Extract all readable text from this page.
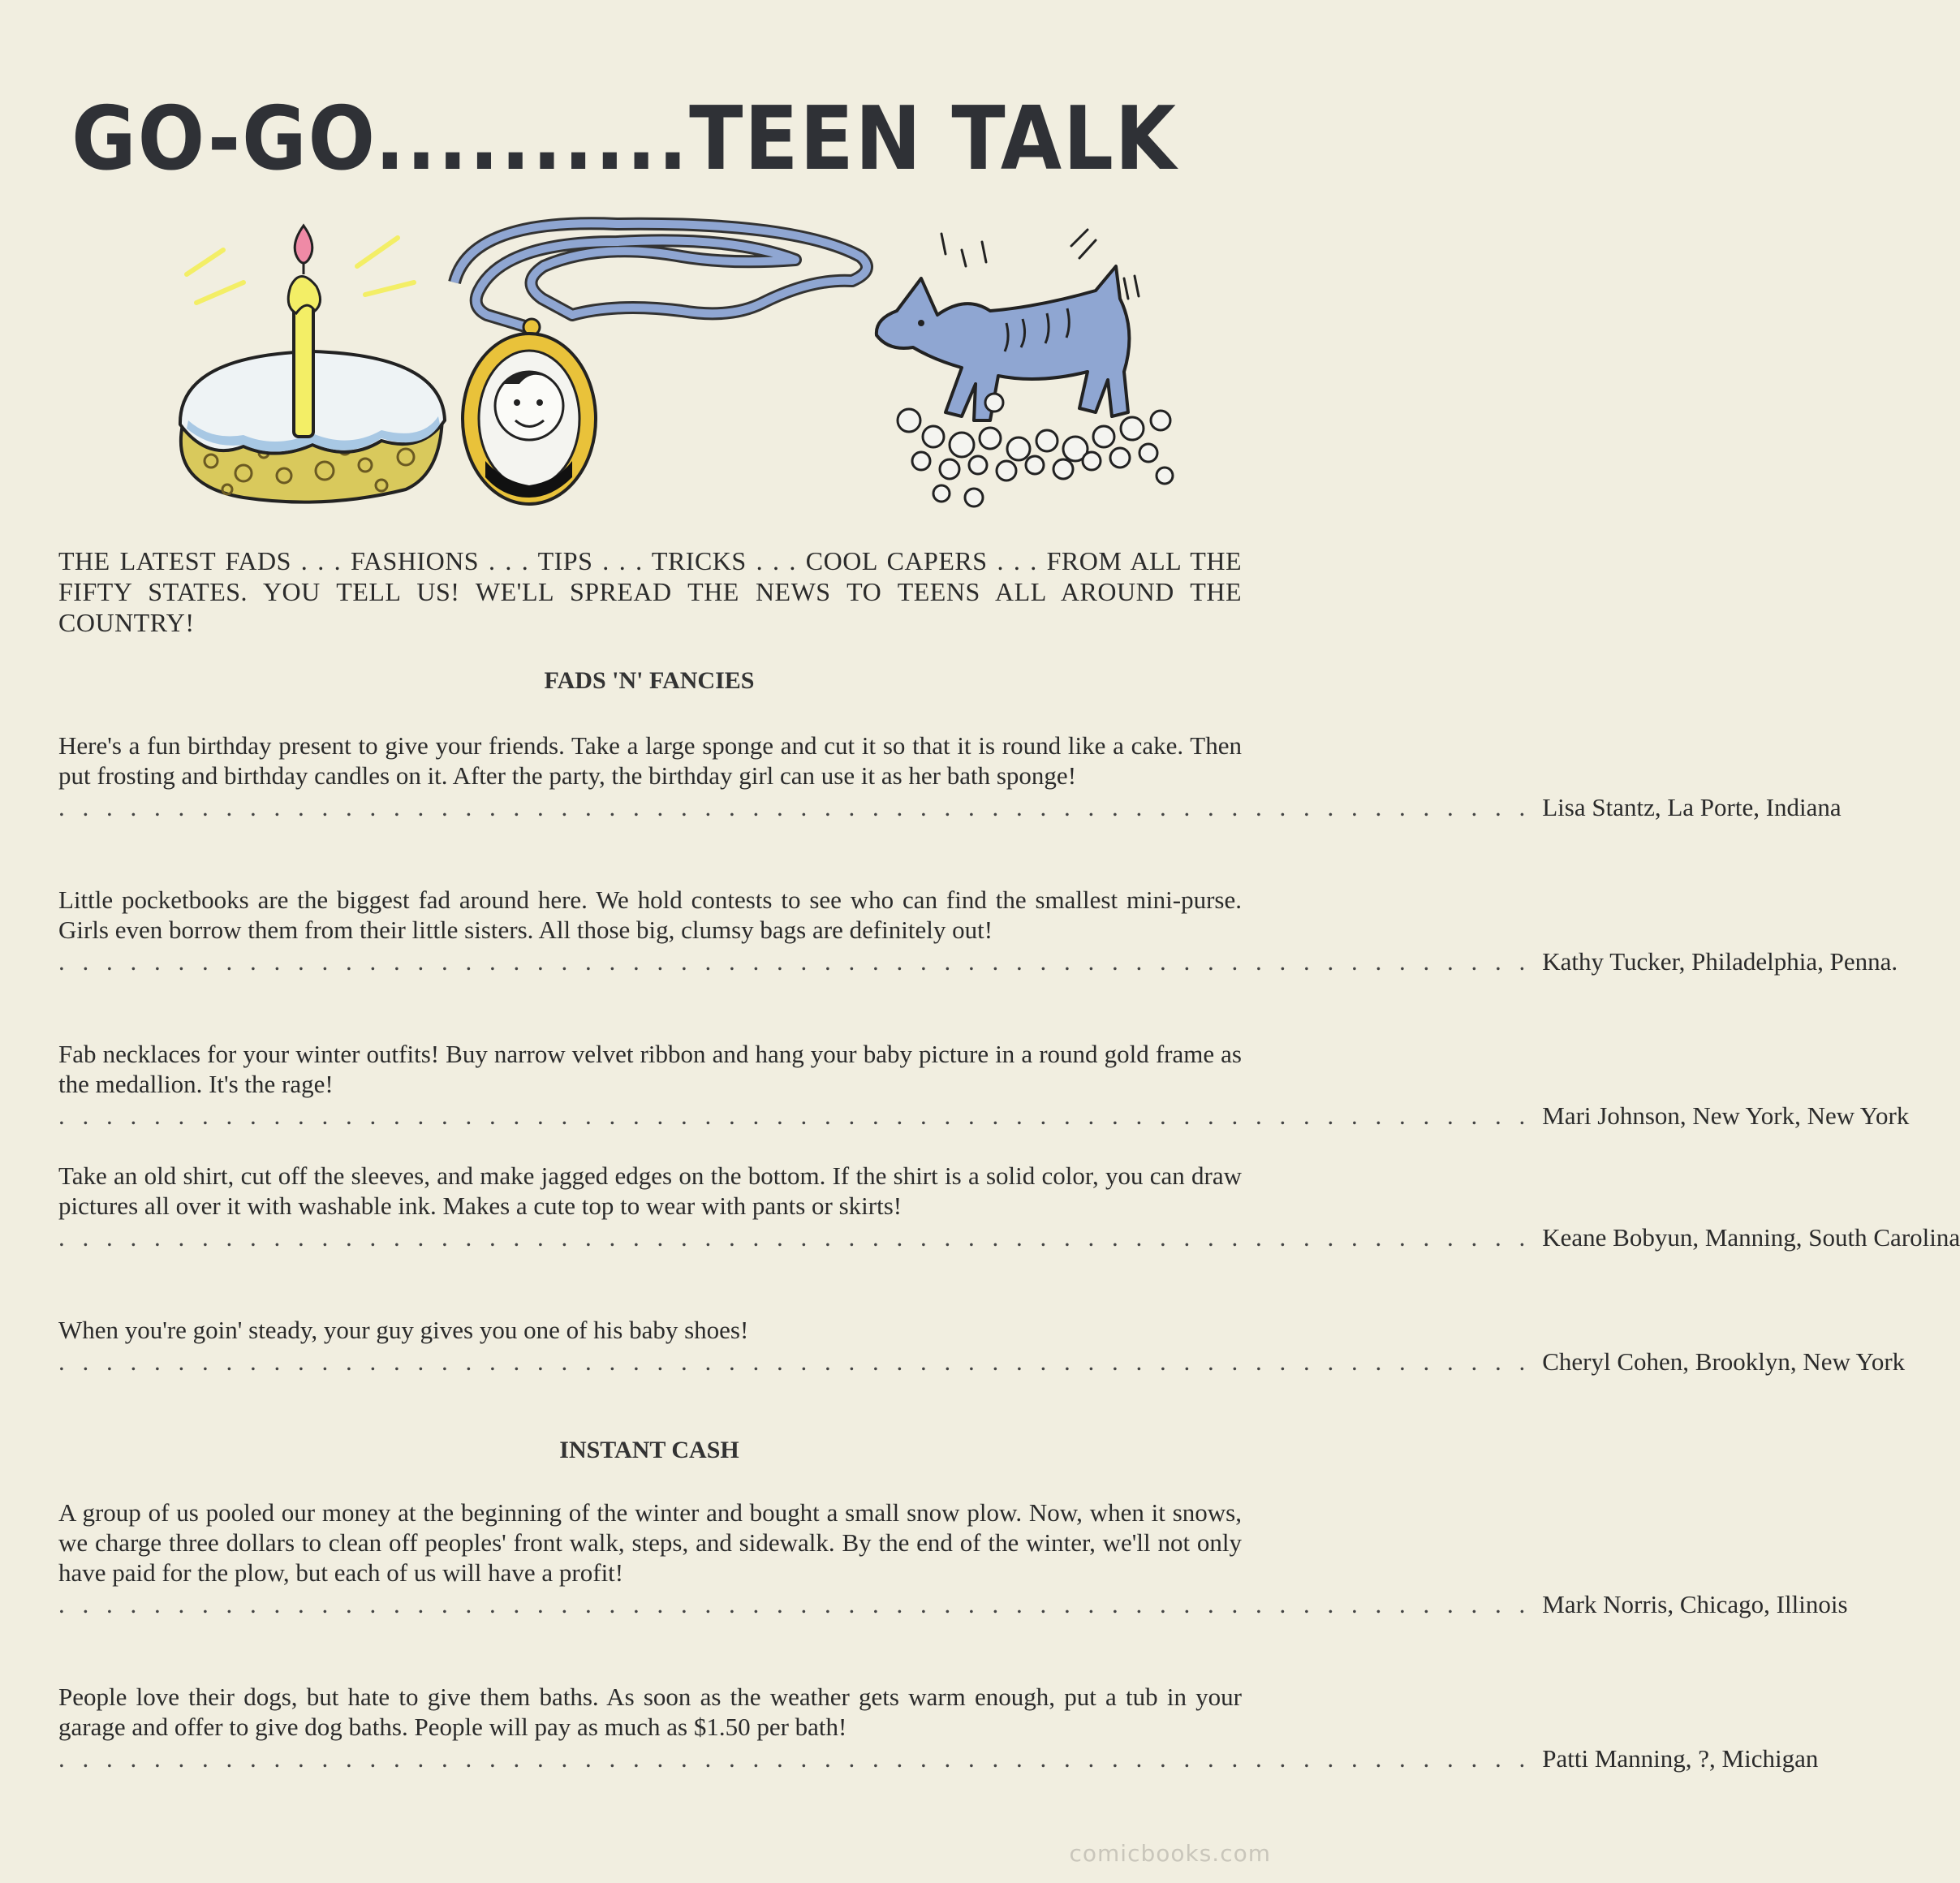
GO-GO..........TEEN TALK
THE LATEST FADS . . . FASHIONS . . . TIPS . . . TRICKS . . . COOL CAPERS . . . FROM ALL THE FIFTY STATES. YOU TELL US! WE'LL SPREAD THE NEWS TO TEENS ALL AROUND THE COUNTRY!
FADS 'N' FANCIES

Here's a fun birthday present to give your friends. Take a large sponge and cut it so that it is round like a cake. Then put frosting and birthday candles on it. After the party, the birthday girl can use it as her bath sponge!

. . . . . . . . . . . . . . . . . . . . . . . . . . . . . . . . . . . . . . . . . . . . . . . . . . . . . . . . . . . . . . Lisa Stantz, La Porte, Indiana

Little pocketbooks are the biggest fad around here. We hold contests to see who can find the smallest mini-purse. Girls even borrow them from their little sisters. All those big, clumsy bags are definitely out!

. . . . . . . . . . . . . . . . . . . . . . . . . . . . . . . . . . . . . . . . . . . . . . . . . . . . . . . . . . . . . . Kathy Tucker, Philadelphia, Penna.

Fab necklaces for your winter outfits! Buy narrow velvet ribbon and hang your baby picture in a round gold frame as the medallion. It's the rage!

. . . . . . . . . . . . . . . . . . . . . . . . . . . . . . . . . . . . . . . . . . . . . . . . . . . . . . . . . . . . . . Mari Johnson, New York, New York

Take an old shirt, cut off the sleeves, and make jagged edges on the bottom. If the shirt is a solid color, you can draw pictures all over it with washable ink. Makes a cute top to wear with pants or skirts!

. . . . . . . . . . . . . . . . . . . . . . . . . . . . . . . . . . . . . . . . . . . . . . . . . . . . . . . . . . . . . . Keane Bobyun, Manning, South Carolina

When you're goin' steady, your guy gives you one of his baby shoes!

. . . . . . . . . . . . . . . . . . . . . . . . . . . . . . . . . . . . . . . . . . . . . . . . . . . . . . . . . . . . . . Cheryl Cohen, Brooklyn, New York
INSTANT CASH

A group of us pooled our money at the beginning of the winter and bought a small snow plow. Now, when it snows, we charge three dollars to clean off peoples' front walk, steps, and sidewalk. By the end of the winter, we'll not only have paid for the plow, but each of us will have a profit!

. . . . . . . . . . . . . . . . . . . . . . . . . . . . . . . . . . . . . . . . . . . . . . . . . . . . . . . . . . . . . . Mark Norris, Chicago, Illinois

People love their dogs, but hate to give them baths. As soon as the weather gets warm enough, put a tub in your garage and offer to give dog baths. People will pay as much as $1.50 per bath!

. . . . . . . . . . . . . . . . . . . . . . . . . . . . . . . . . . . . . . . . . . . . . . . . . . . . . . . . . . . . . . Patti Manning, ?, Michigan
comicbooks.com
